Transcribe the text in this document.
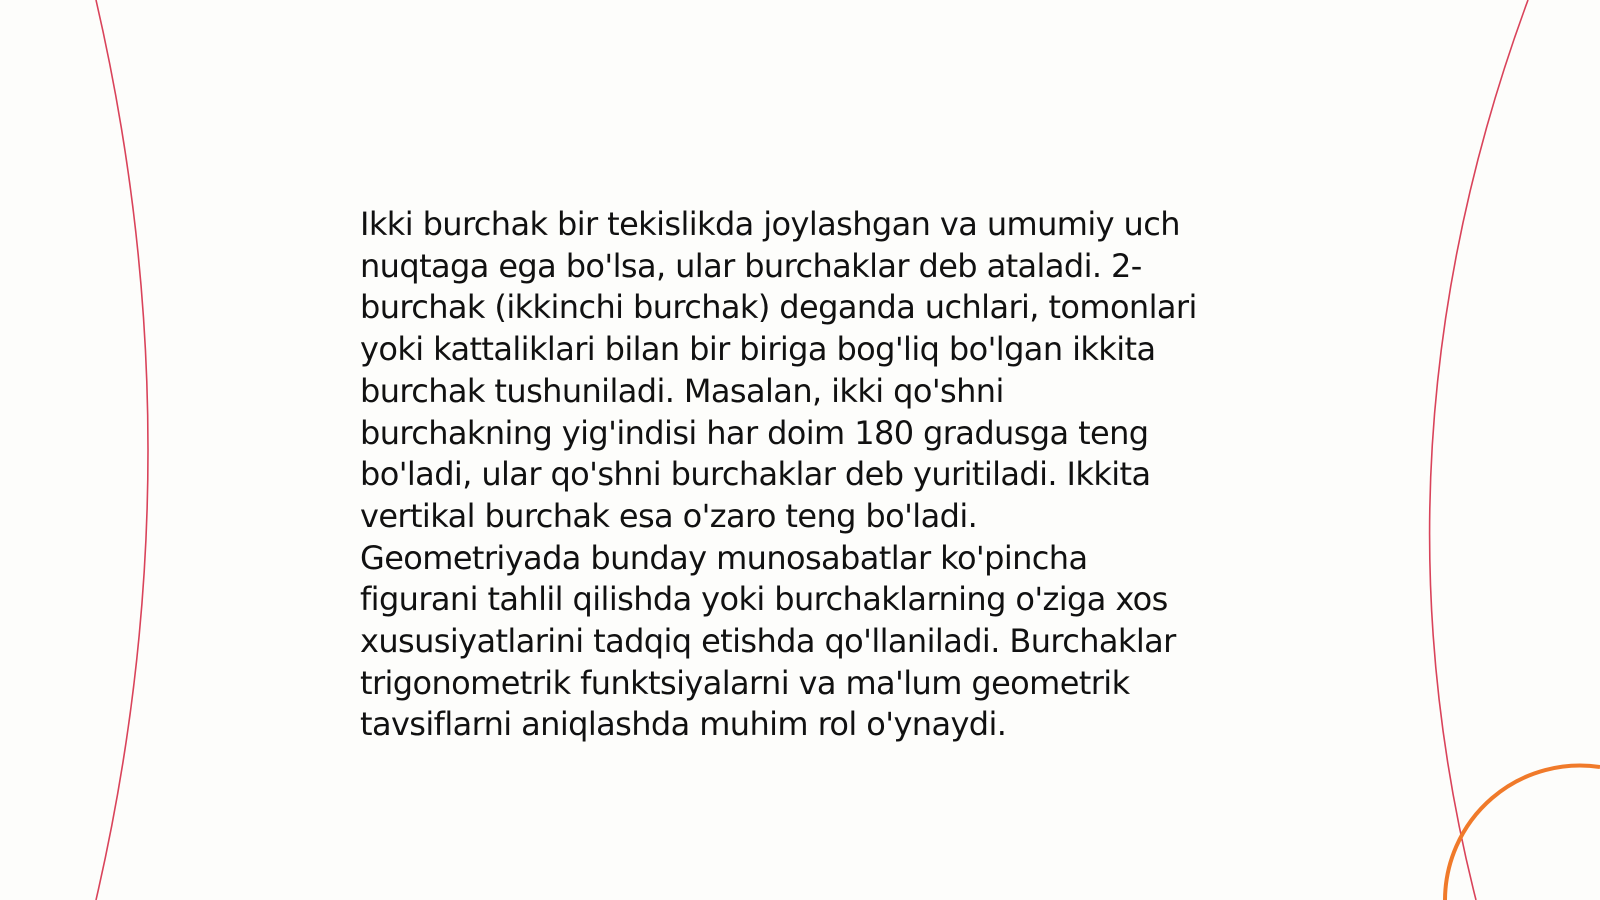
Ikki burchak bir tekislikda joylashgan va umumiy uch
nuqtaga ega bo'lsa, ular burchaklar deb ataladi. 2-
burchak (ikkinchi burchak) deganda uchlari, tomonlari
yoki kattaliklari bilan bir biriga bog'liq bo'lgan ikkita
burchak tushuniladi. Masalan, ikki qo'shni
burchakning yig'indisi har doim 180 gradusga teng
bo'ladi, ular qo'shni burchaklar deb yuritiladi. Ikkita
vertikal burchak esa o'zaro teng bo'ladi.
Geometriyada bunday munosabatlar ko'pincha
figuranі tahlil qilishda yoki burchaklarning o'ziga xos
xususiyatlarini tadqiq etishda qo'llaniladi. Burchaklar
trigonometrik funktsiyalarni va ma'lum geometrik
tavsiflarni aniqlashda muhim rol o'ynaydi.
